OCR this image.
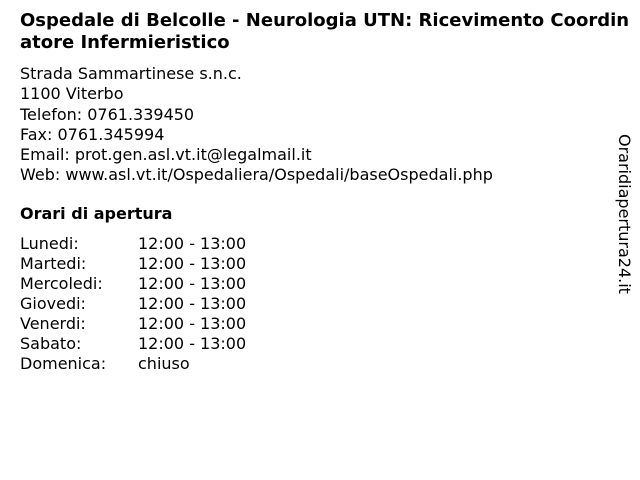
Ospedale di Belcolle - Neurologia UTN: Ricevimento Coordinatore Infermieristico
Strada Sammartinese s.n.c.
1100 Viterbo
Telefon: 0761.339450
Fax: 0761.345994
Email: prot.gen.asl.vt.it@legalmail.it
Web: www.asl.vt.it/Ospedaliera/Ospedali/baseOspedali.php
Orari di apertura
Lunedi:	12:00 - 13:00
Martedi:	12:00 - 13:00
Mercoledi:	12:00 - 13:00
Giovedi:	12:00 - 13:00
Venerdi:	12:00 - 13:00
Sabato:	12:00 - 13:00
Domenica:	chiuso
Oraridiapertura24.it
